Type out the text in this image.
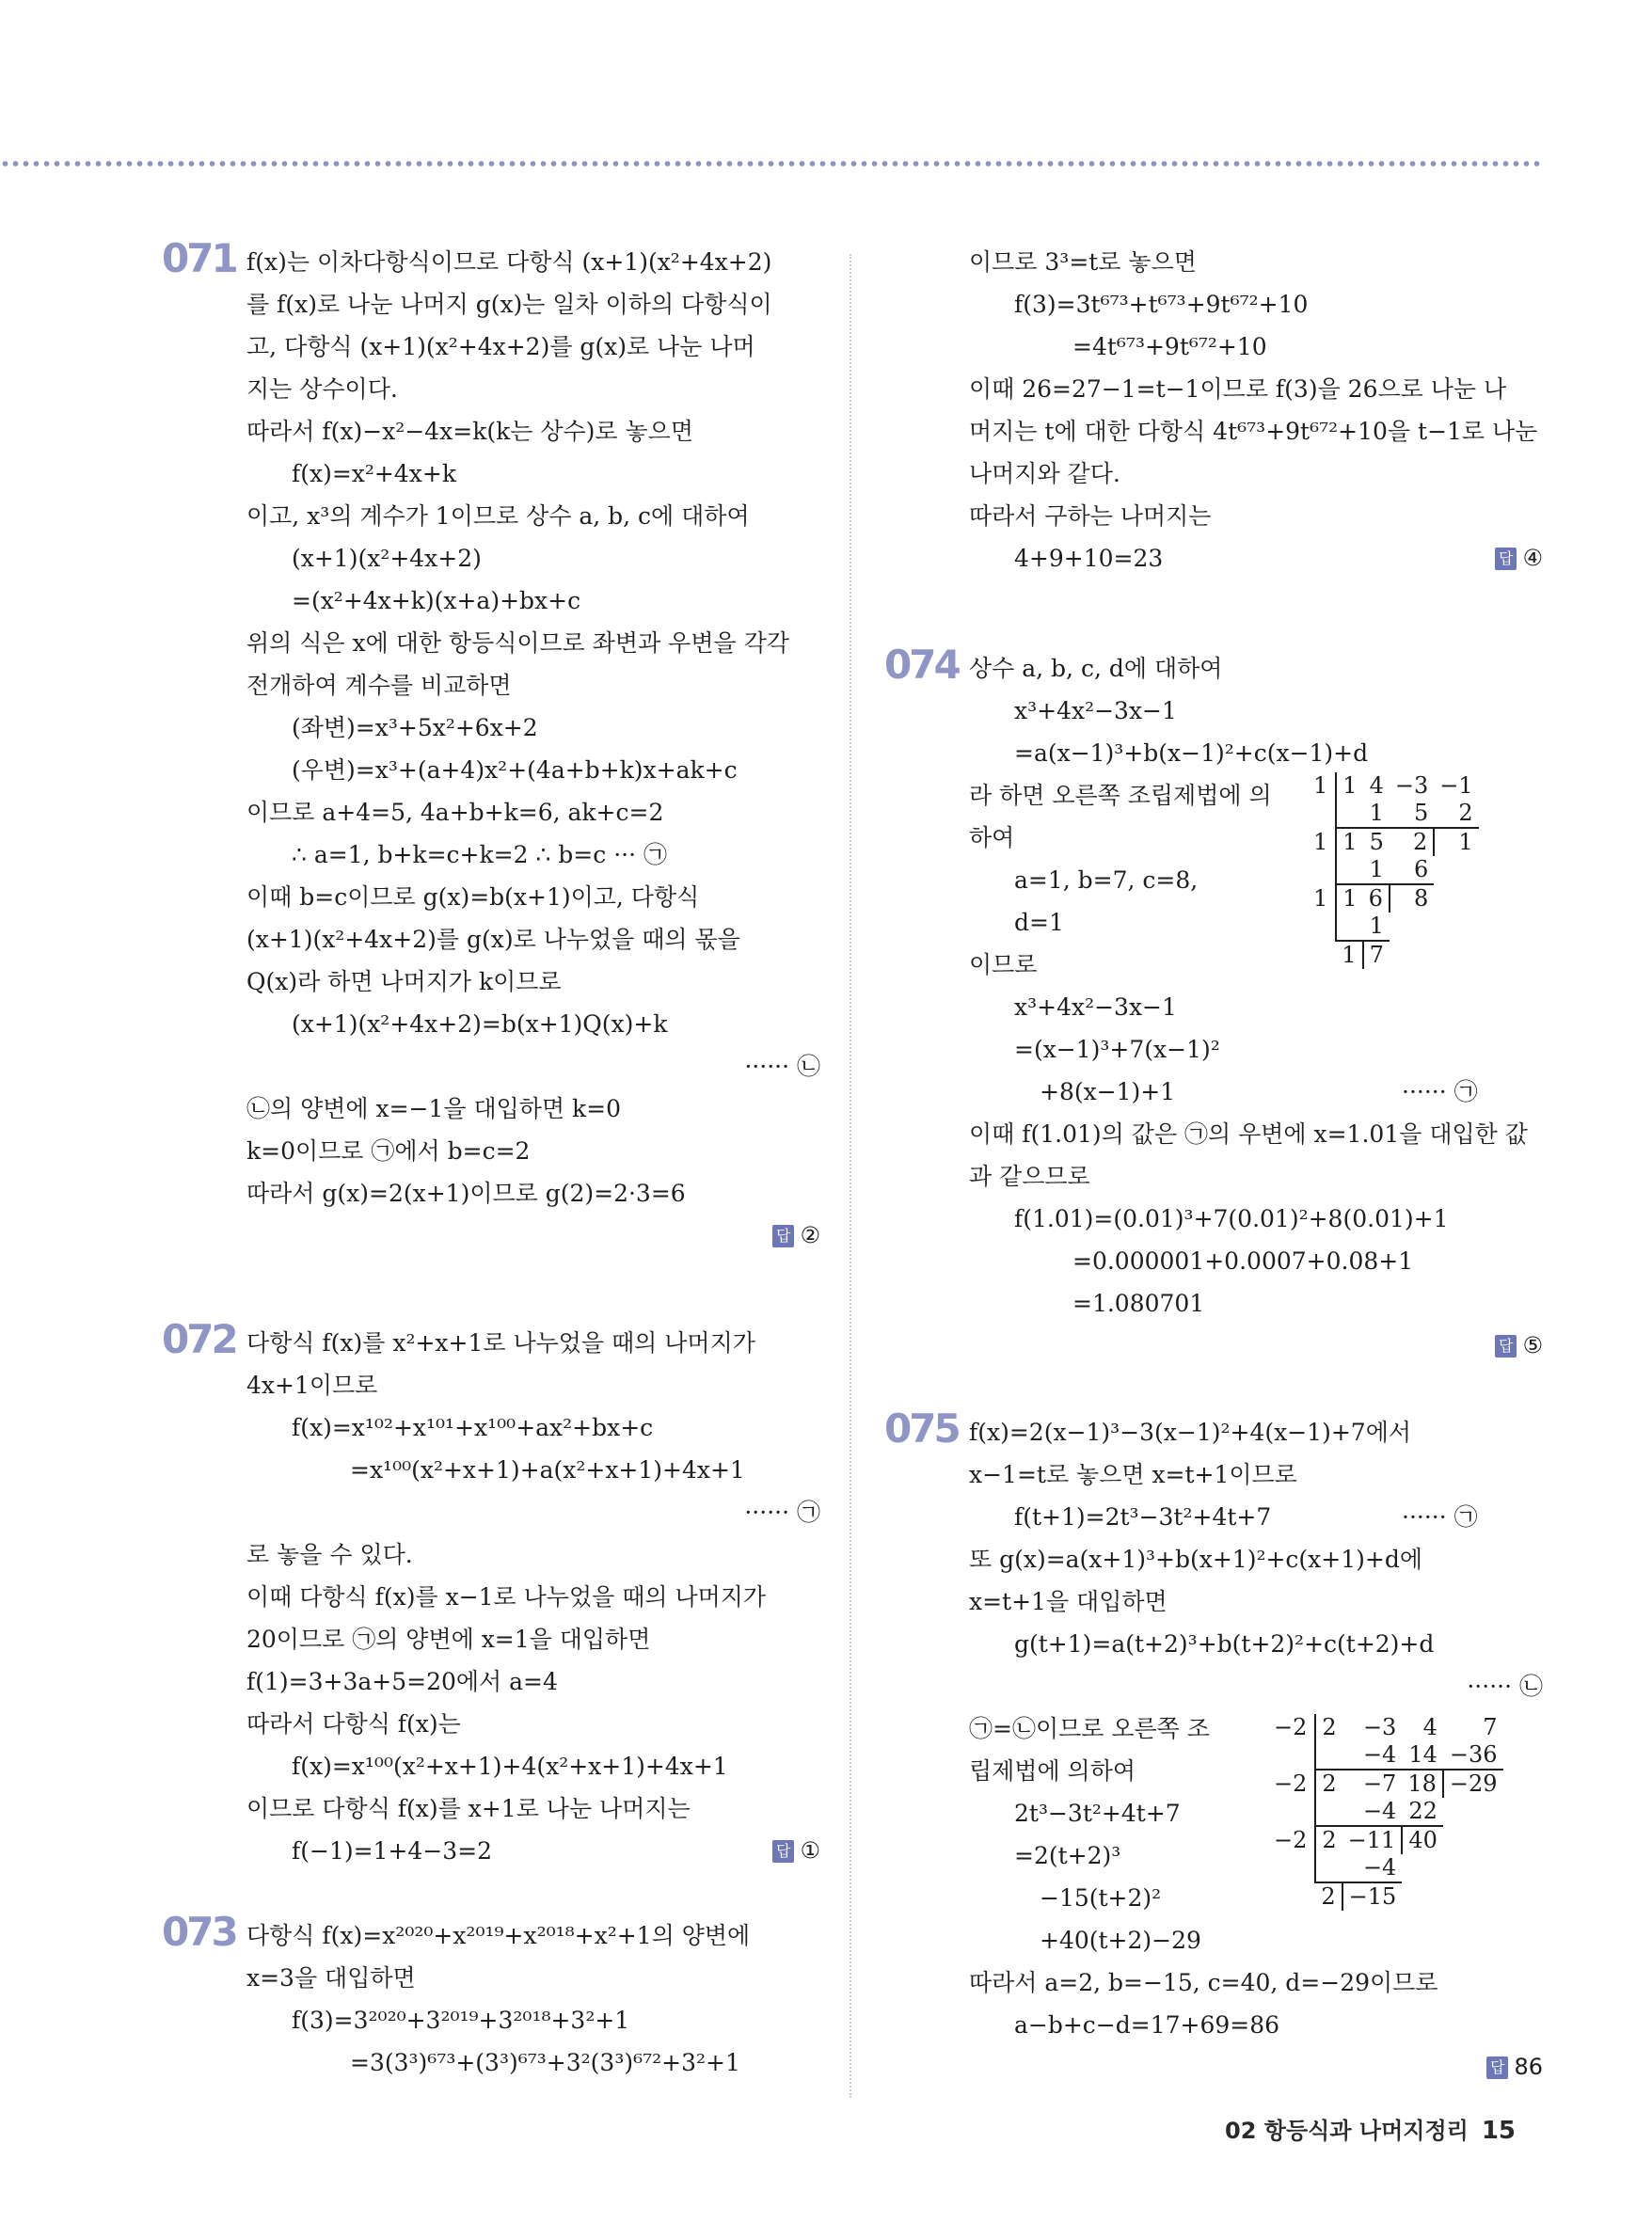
071 f(x)는 이차다항식이므로 다항식 (x+1)(x²+4x+2)
를 f(x)로 나눈 나머지 g(x)는 일차 이하의 다항식이
고, 다항식 (x+1)(x²+4x+2)를 g(x)로 나눈 나머
지는 상수이다.
따라서 f(x)−x²−4x=k(k는 상수)로 놓으면
f(x)=x²+4x+k
이고, x³의 계수가 1이므로 상수 a, b, c에 대하여
(x+1)(x²+4x+2)
=(x²+4x+k)(x+a)+bx+c
위의 식은 x에 대한 항등식이므로 좌변과 우변을 각각
전개하여 계수를 비교하면
(좌변)=x³+5x²+6x+2
(우변)=x³+(a+4)x²+(4a+b+k)x+ak+c
이므로 a+4=5, 4a+b+k=6, ak+c=2
∴ a=1, b+k=c+k=2 ∴ b=c ··· ㉠
이때 b=c이므로 g(x)=b(x+1)이고, 다항식
(x+1)(x²+4x+2)를 g(x)로 나누었을 때의 몫을
Q(x)라 하면 나머지가 k이므로
(x+1)(x²+4x+2)=b(x+1)Q(x)+k
······ ㉡
㉡의 양변에 x=−1을 대입하면 k=0
k=0이므로 ㉠에서 b=c=2
따라서 g(x)=2(x+1)이므로 g(2)=2·3=6
답 ②
072 다항식 f(x)를 x²+x+1로 나누었을 때의 나머지가
4x+1이므로
f(x)=x¹⁰²+x¹⁰¹+x¹⁰⁰+ax²+bx+c
=x¹⁰⁰(x²+x+1)+a(x²+x+1)+4x+1
······ ㉠
로 놓을 수 있다.
이때 다항식 f(x)를 x−1로 나누었을 때의 나머지가
20이므로 ㉠의 양변에 x=1을 대입하면
f(1)=3+3a+5=20에서 a=4
따라서 다항식 f(x)는
f(x)=x¹⁰⁰(x²+x+1)+4(x²+x+1)+4x+1
이므로 다항식 f(x)를 x+1로 나눈 나머지는
f(−1)=1+4−3=2	답 ①
073 다항식 f(x)=x²⁰²⁰+x²⁰¹⁹+x²⁰¹⁸+x²+1의 양변에
x=3을 대입하면
f(3)=3²⁰²⁰+3²⁰¹⁹+3²⁰¹⁸+3²+1
=3(3³)⁶⁷³+(3³)⁶⁷³+3²(3³)⁶⁷²+3²+1
이므로 3³=t로 놓으면
f(3)=3t⁶⁷³+t⁶⁷³+9t⁶⁷²+10
=4t⁶⁷³+9t⁶⁷²+10
이때 26=27−1=t−1이므로 f(3)을 26으로 나눈 나
머지는 t에 대한 다항식 4t⁶⁷³+9t⁶⁷²+10을 t−1로 나눈
나머지와 같다.
따라서 구하는 나머지는
4+9+10=23	답 ④
074 상수 a, b, c, d에 대하여
x³+4x²−3x−1
=a(x−1)³+b(x−1)²+c(x−1)+d
라 하면 오른쪽 조립제법에 의
하여
a=1, b=7, c=8,
d=1
이므로
x³+4x²−3x−1
=(x−1)³+7(x−1)²
+8(x−1)+1	······ ㉠
이때 f(1.01)의 값은 ㉠의 우변에 x=1.01을 대입한 값
과 같으므로
f(1.01)=(0.01)³+7(0.01)²+8(0.01)+1
=0.000001+0.0007+0.08+1
=1.080701
답 ⑤
1	1	4	−3	−1
		1	5	2
1	1	5	2	1
		1	6	
1	1	6	8	
		1		
	1	7		
075 f(x)=2(x−1)³−3(x−1)²+4(x−1)+7에서
x−1=t로 놓으면 x=t+1이므로
f(t+1)=2t³−3t²+4t+7	······ ㉠
또 g(x)=a(x+1)³+b(x+1)²+c(x+1)+d에
x=t+1을 대입하면
g(t+1)=a(t+2)³+b(t+2)²+c(t+2)+d
······ ㉡
㉠=㉡이므로 오른쪽 조
립제법에 의하여
2t³−3t²+4t+7
=2(t+2)³
−15(t+2)²
+40(t+2)−29
따라서 a=2, b=−15, c=40, d=−29이므로
a−b+c−d=17+69=86
답 86
−2	2	−3	4	7
		−4	14	−36
−2	2	−7	18	−29
		−4	22	
−2	2	−11	40	
		−4		
	2	−15		
02 항등식과 나머지정리 15
